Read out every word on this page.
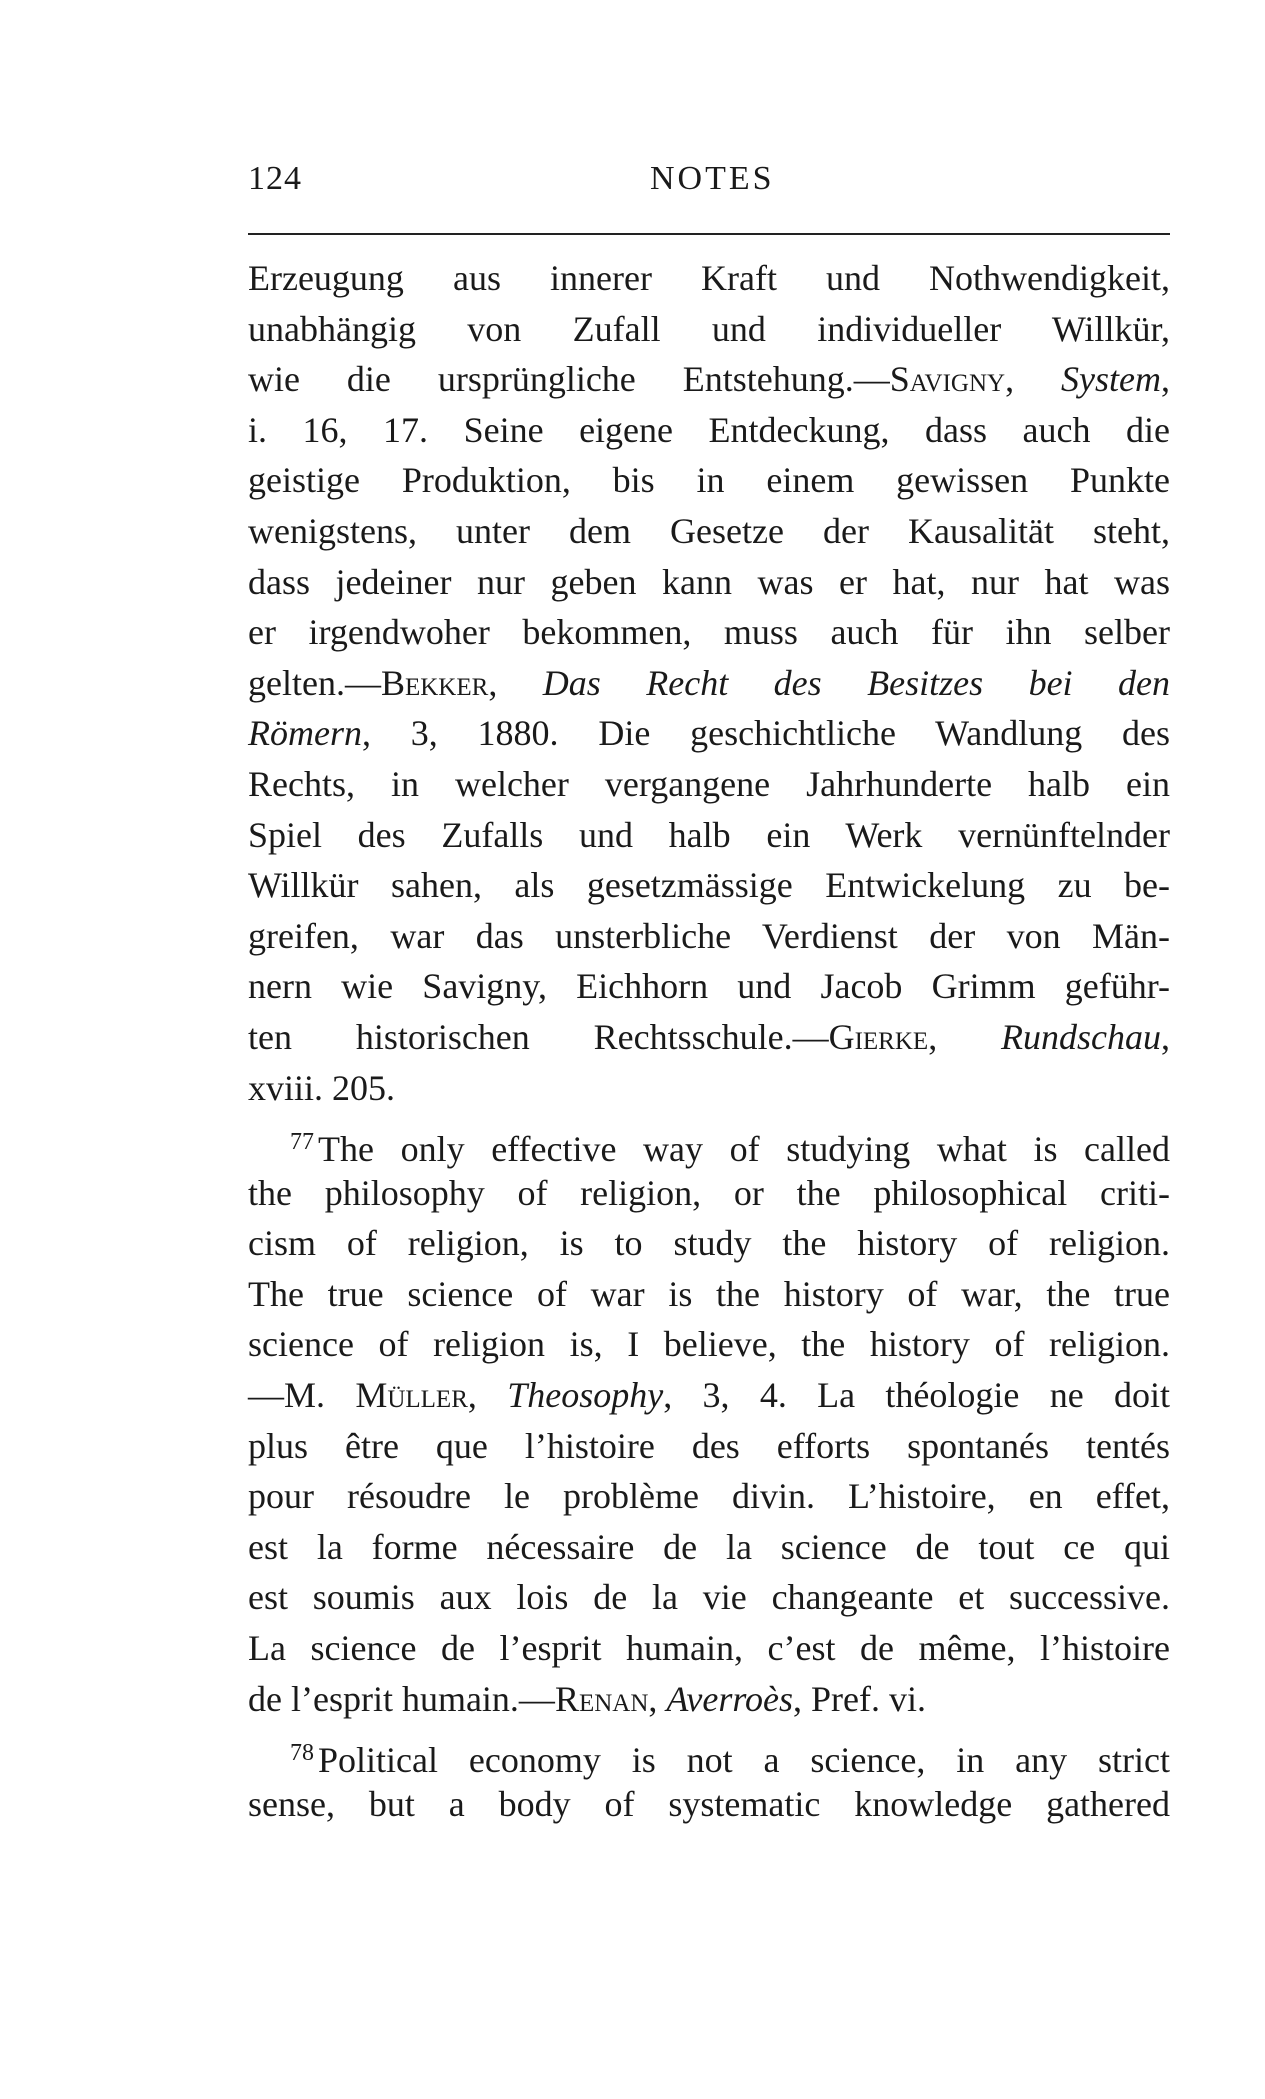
124	NOTES
Erzeugung aus innerer Kraft und Nothwendigkeit,
unabhängig von Zufall und individueller Willkür,
wie die ursprüngliche Entstehung.—Savigny, System,
i. 16, 17. Seine eigene Entdeckung, dass auch die
geistige Produktion, bis in einem gewissen Punkte
wenigstens, unter dem Gesetze der Kausalität steht,
dass jedeiner nur geben kann was er hat, nur hat was
er irgendwoher bekommen, muss auch für ihn selber
gelten.—Bekker, Das Recht des Besitzes bei den
Römern, 3, 1880. Die geschichtliche Wandlung des
Rechts, in welcher vergangene Jahrhunderte halb ein
Spiel des Zufalls und halb ein Werk vernünftelnder
Willkür sahen, als gesetzmässige Entwickelung zu be-
greifen, war das unsterbliche Verdienst der von Män-
nern wie Savigny, Eichhorn und Jacob Grimm geführ-
ten historischen Rechtsschule.—Gierke, Rundschau,
xviii. 205.
$^{77}$ The only effective way of studying what is called
the philosophy of religion, or the philosophical criti-
cism of religion, is to study the history of religion.
The true science of war is the history of war, the true
science of religion is, I believe, the history of religion.
—M. Müller, Theosophy, 3, 4. La théologie ne doit
plus être que l’histoire des efforts spontanés tentés
pour résoudre le problème divin. L’histoire, en effet,
est la forme nécessaire de la science de tout ce qui
est soumis aux lois de la vie changeante et successive.
La science de l’esprit humain, c’est de même, l’histoire
de l’esprit humain.—Renan, Averroès, Pref. vi.
$^{78}$ Political economy is not a science, in any strict
sense, but a body of systematic knowledge gathered
